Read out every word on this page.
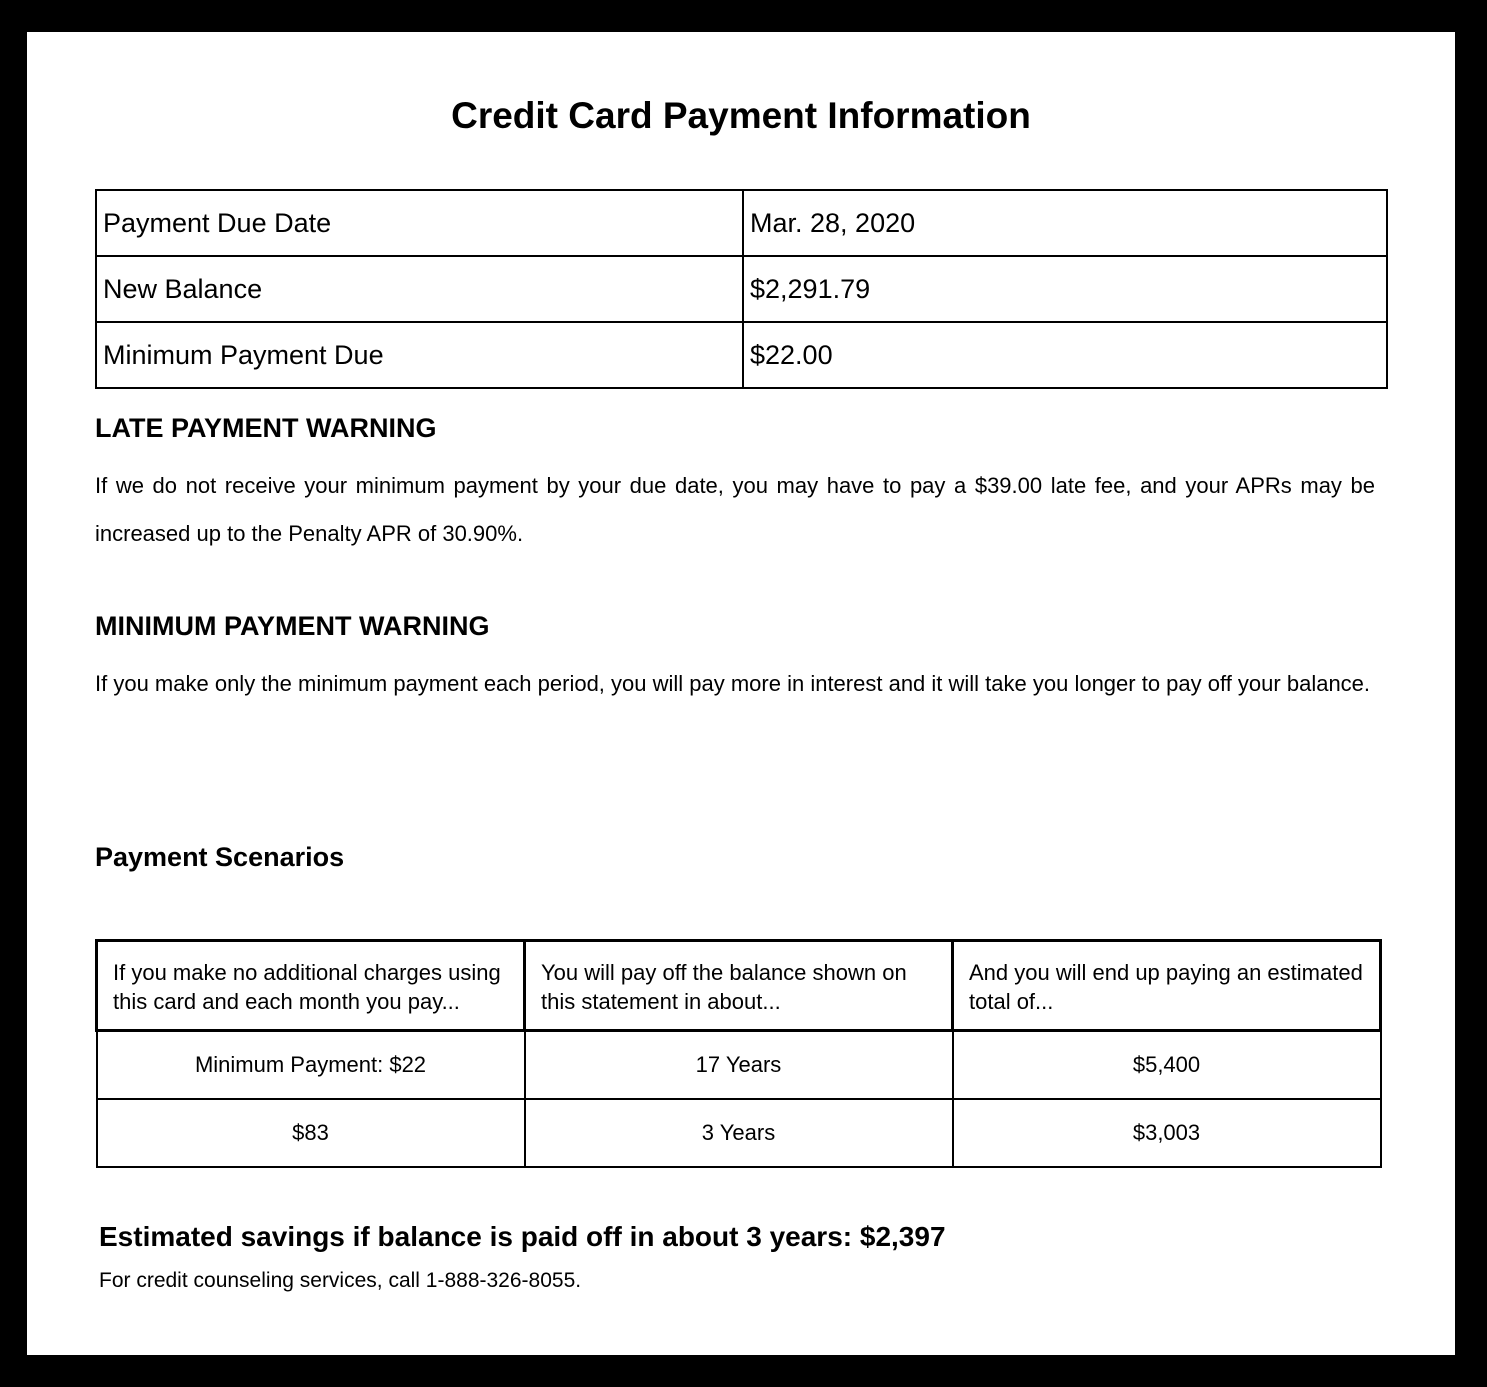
Credit Card Payment Information
Payment Due Date	Mar. 28, 2020
New Balance	$2,291.79
Minimum Payment Due	$22.00
LATE PAYMENT WARNING

If we do not receive your minimum payment by your due date, you may have to pay a $39.00 late fee, and your APRs may be increased up to the Penalty APR of 30.90%.

MINIMUM PAYMENT WARNING

If you make only the minimum payment each period, you will pay more in interest and it will take you longer to pay off your balance.

Payment Scenarios
If you make no additional charges using this card and each month you pay...	You will pay off the balance shown on this statement in about...	And you will end up paying an estimated total of...
Minimum Payment: $22	17 Years	$5,400
$83	3 Years	$3,003

Estimated savings if balance is paid off in about 3 years: $2,397

For credit counseling services, call 1-888-326-8055.
